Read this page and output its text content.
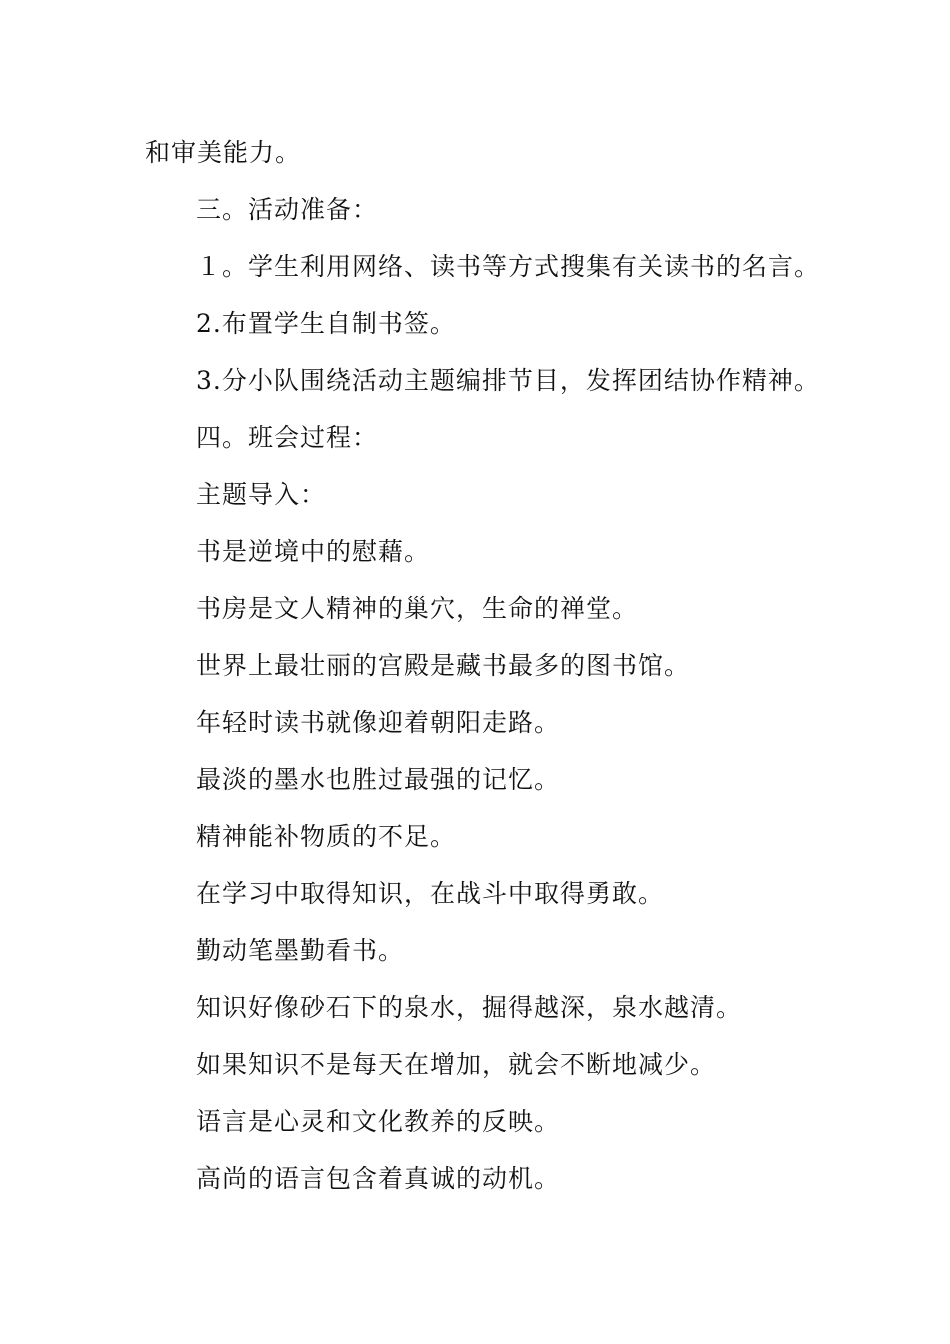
和审美能力。
三。活动准备：
１。学生利用网络、读书等方式搜集有关读书的名言。
2.布置学生自制书签。
3.分小队围绕活动主题编排节目，发挥团结协作精神。
四。班会过程：
主题导入：
书是逆境中的慰藉。
书房是文人精神的巢穴，生命的禅堂。
世界上最壮丽的宫殿是藏书最多的图书馆。
年轻时读书就像迎着朝阳走路。
最淡的墨水也胜过最强的记忆。
精神能补物质的不足。
在学习中取得知识，在战斗中取得勇敢。
勤动笔墨勤看书。
知识好像砂石下的泉水，掘得越深，泉水越清。
如果知识不是每天在增加，就会不断地减少。
语言是心灵和文化教养的反映。
高尚的语言包含着真诚的动机。
